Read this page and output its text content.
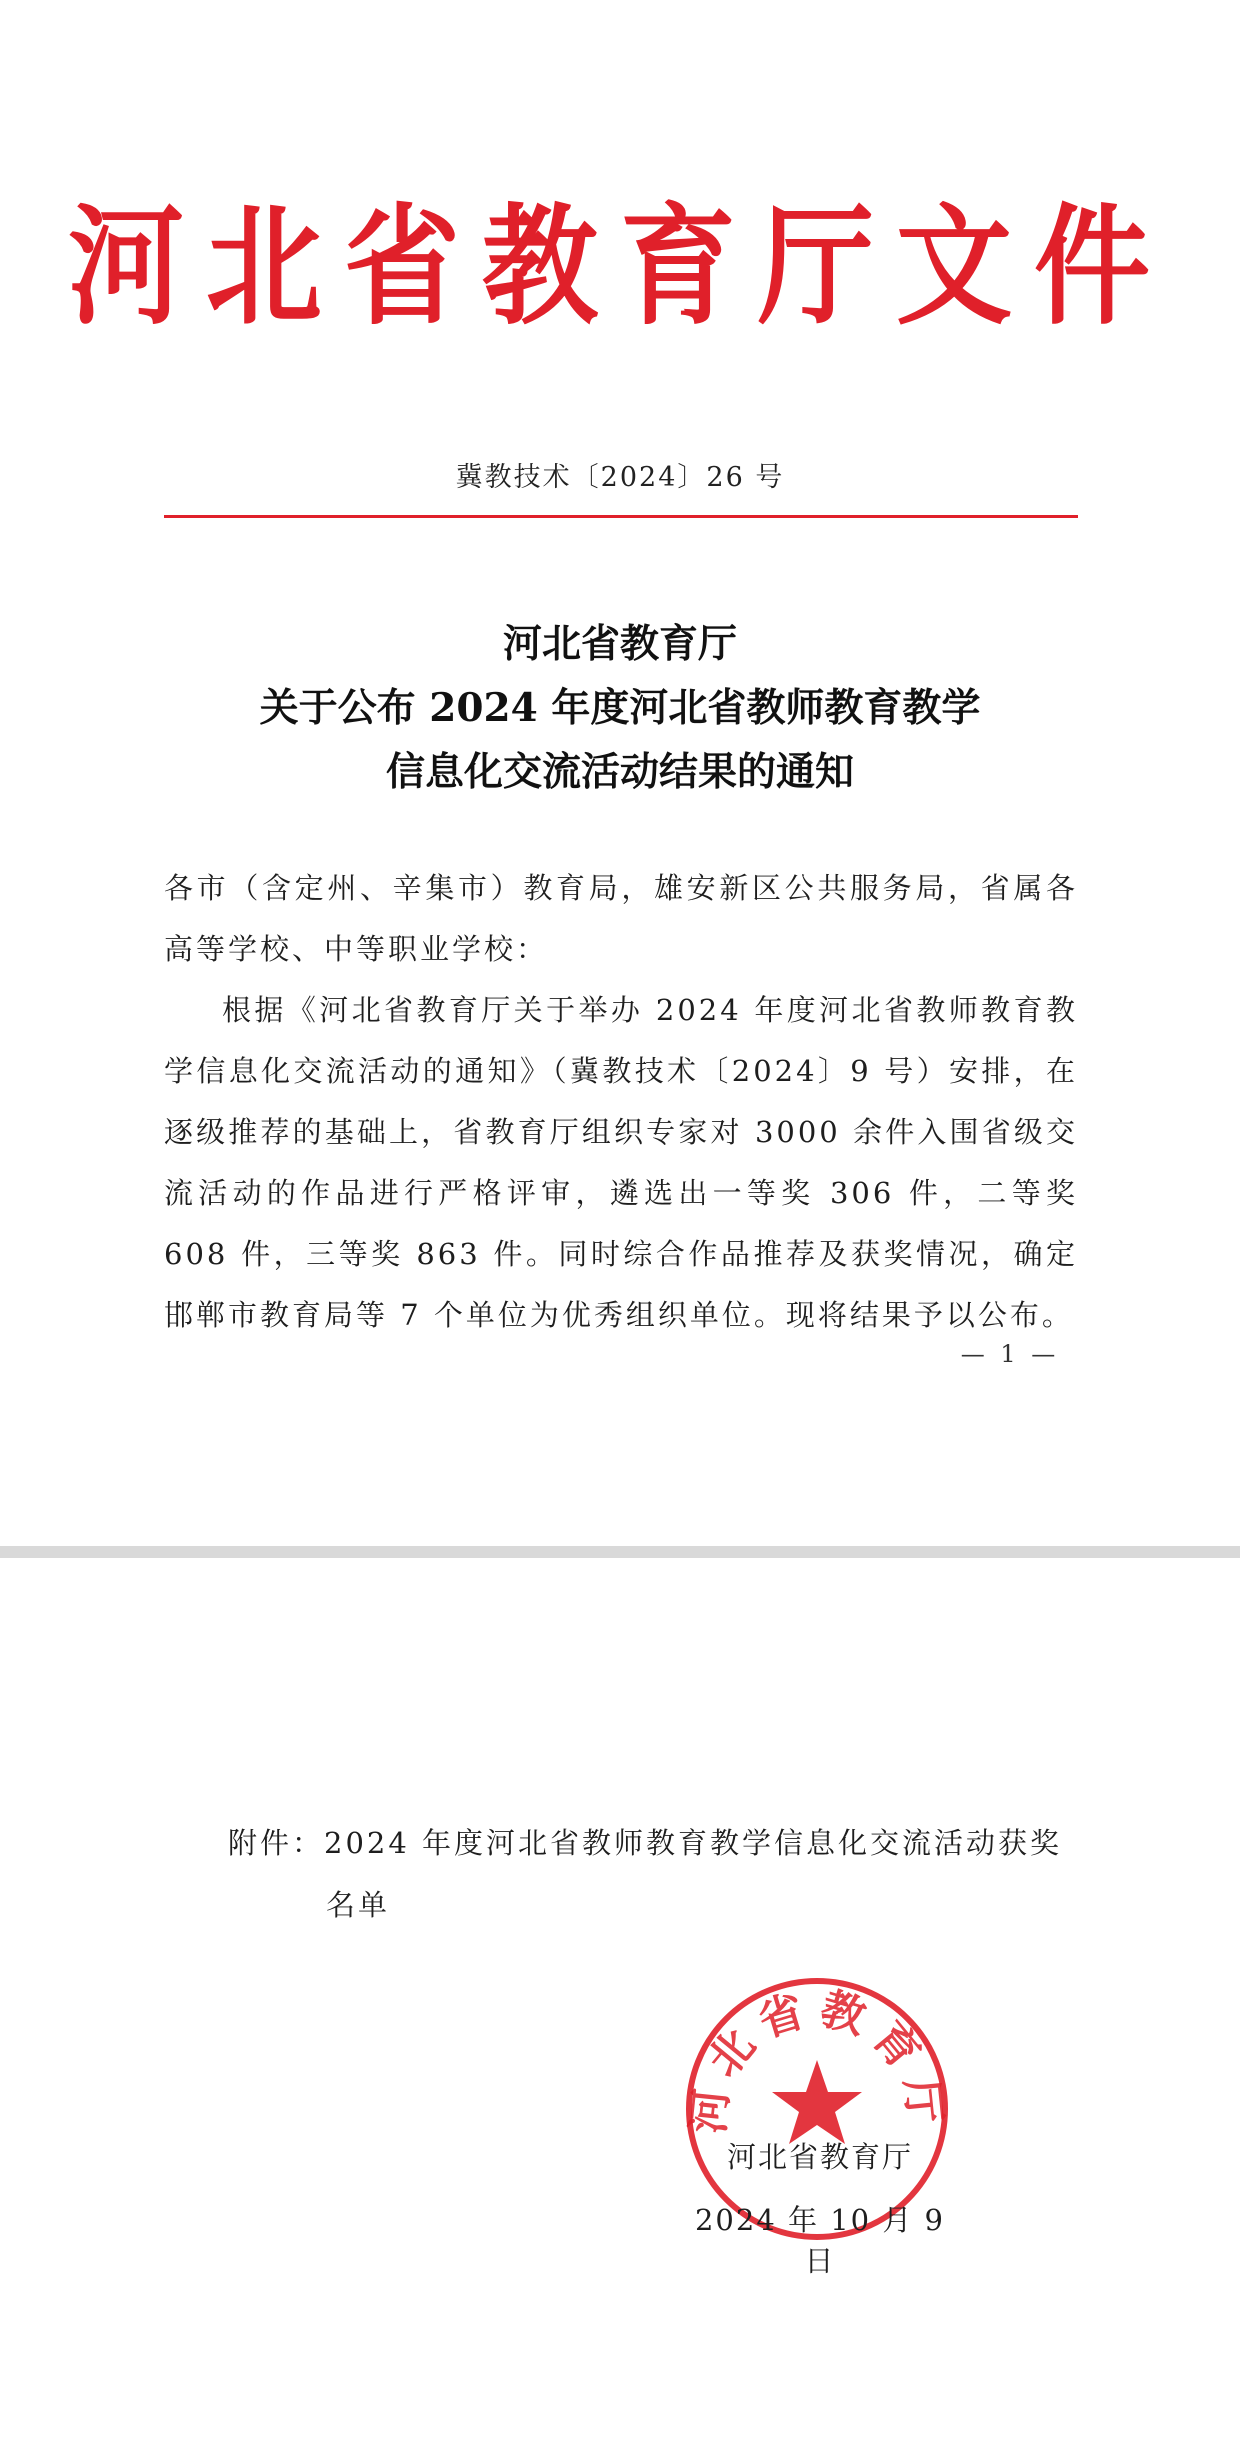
河北省教育厅文件
冀教技术〔2024〕26 号
河北省教育厅
关于公布 2024 年度河北省教师教育教学
信息化交流活动结果的通知

各市（含定州、辛集市）教育局，雄安新区公共服务局，省属各高等学校、中等职业学校：

根据《河北省教育厅关于举办 2024 年度河北省教师教育教学信息化交流活动的通知》（冀教技术〔2024〕9 号）安排，在逐级推荐的基础上，省教育厅组织专家对 3000 余件入围省级交流活动的作品进行严格评审，遴选出一等奖 306 件，二等奖 608 件，三等奖 863 件。同时综合作品推荐及获奖情况，确定邯郸市教育局等 7 个单位为优秀组织单位。现将结果予以公布。

— 1 —
附件：2024 年度河北省教师教育教学信息化交流活动获奖
名单
河北省教育厅
河北省教育厅
2024 年 10 月 9 日
